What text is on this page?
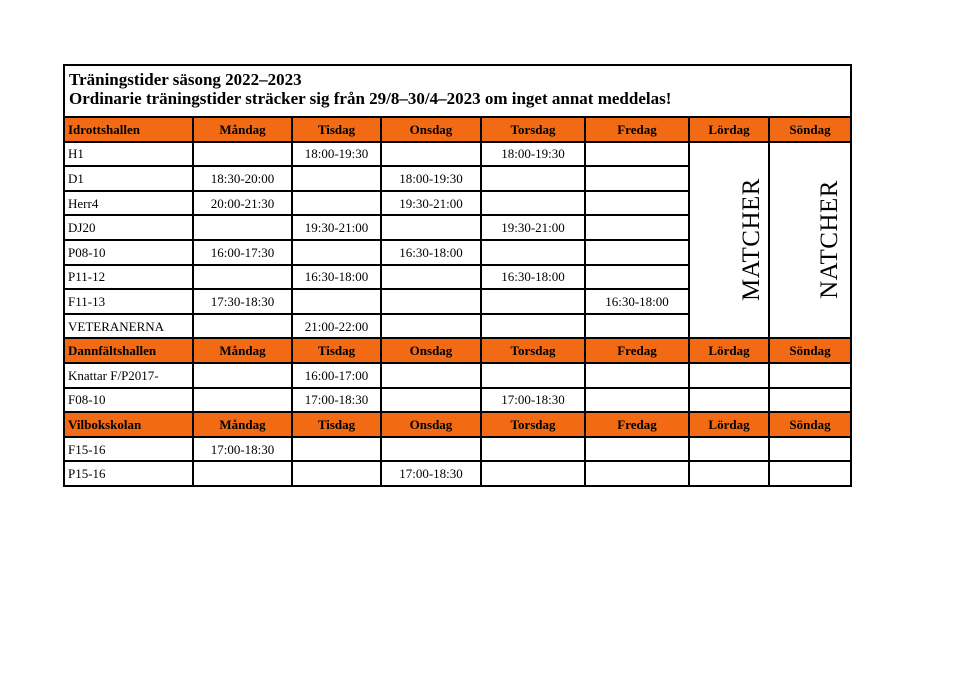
Träningstider säsong 2022–2023
Ordinarie träningstider sträcker sig från 29/8–30/4–2023 om inget annat meddelas!							

Idrottshallen	Måndag	Tisdag	Onsdag	Torsdag	Fredag	Lördag	Söndag
H1		18:00-19:30		18:00-19:30		MATCHER	NATCHER
D1	18:30-20:00		18:00-19:30				
Herr4	20:00-21:30		19:30-21:00				
DJ20		19:30-21:00		19:30-21:00			
P08-10	16:00-17:30		16:30-18:00				
P11-12		16:30-18:00		16:30-18:00			
F11-13	17:30-18:30				16:30-18:00		
VETERANERNA		21:00-22:00					
Dannfältshallen	Måndag	Tisdag	Onsdag	Torsdag	Fredag	Lördag	Söndag
Knattar F/P2017-		16:00-17:00					
F08-10		17:00-18:30		17:00-18:30			
Vilbokskolan	Måndag	Tisdag	Onsdag	Torsdag	Fredag	Lördag	Söndag
F15-16	17:00-18:30						
P15-16			17:00-18:30				
